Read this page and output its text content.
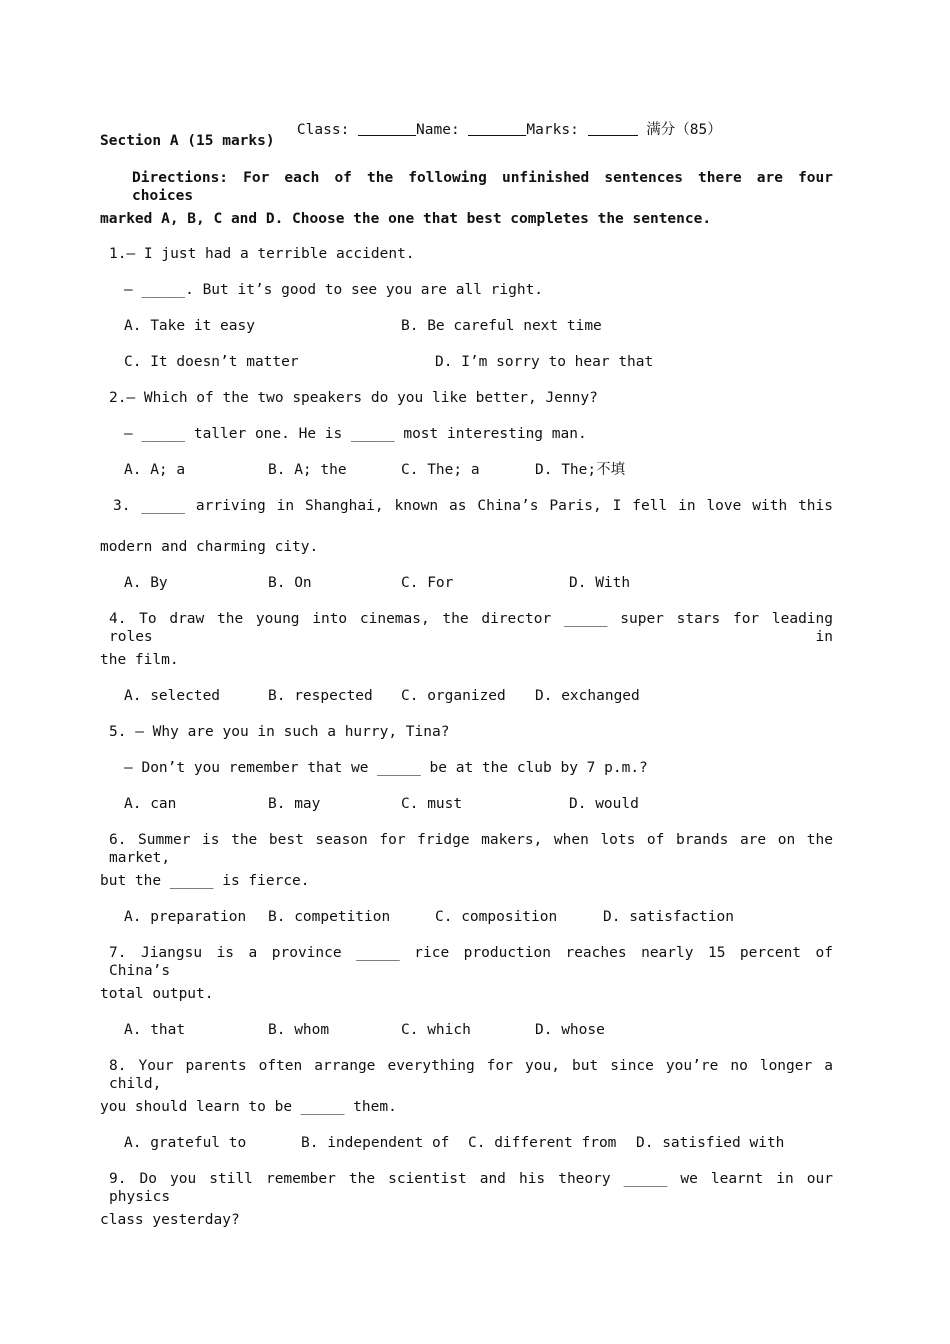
Class:	Name:	Marks:	满分（85）

Section A (15 marks)
Directions: For each of the following unfinished sentences there are four choices
marked A, B, C and D. Choose the one that best completes the sentence.
1.— I just had a terrible accident.
— _____. But it’s good to see you are all right.
A. Take it easy	B. Be careful next time
C. It doesn’t matter	D. I’m sorry to hear that
2.— Which of the two speakers do you like better, Jenny?
— _____ taller one. He is _____ most interesting man.
A. A; a	B. A; the	C. The; a	D. The;不填
3. _____ arriving in Shanghai, known as China’s Paris, I fell in love with this
modern and charming city.
A. By	B. On	C. For	D. With
4. To draw the young into cinemas, the director _____ super stars for leading roles in
the film.
A. selected	B. respected C. organized D. exchanged
5. — Why are you in such a hurry, Tina?
— Don’t you remember that we _____ be at the club by 7 p.m.?
A. can	B. may	C. must	D. would
6. Summer is the best season for fridge makers, when lots of brands are on the market,
but the _____ is fierce.
A. preparation B. competition	C. composition	D. satisfaction
7. Jiangsu is a province _____ rice production reaches nearly 15 percent of China’s
total output.
A. that	B. whom	C. which	D. whose
8. Your parents often arrange everything for you, but since you’re no longer a child,
you should learn to be _____ them.
A. grateful to	B. independent of C. different from D. satisfied with
9. Do you still remember the scientist and his theory _____ we learnt in our physics
class yesterday?
